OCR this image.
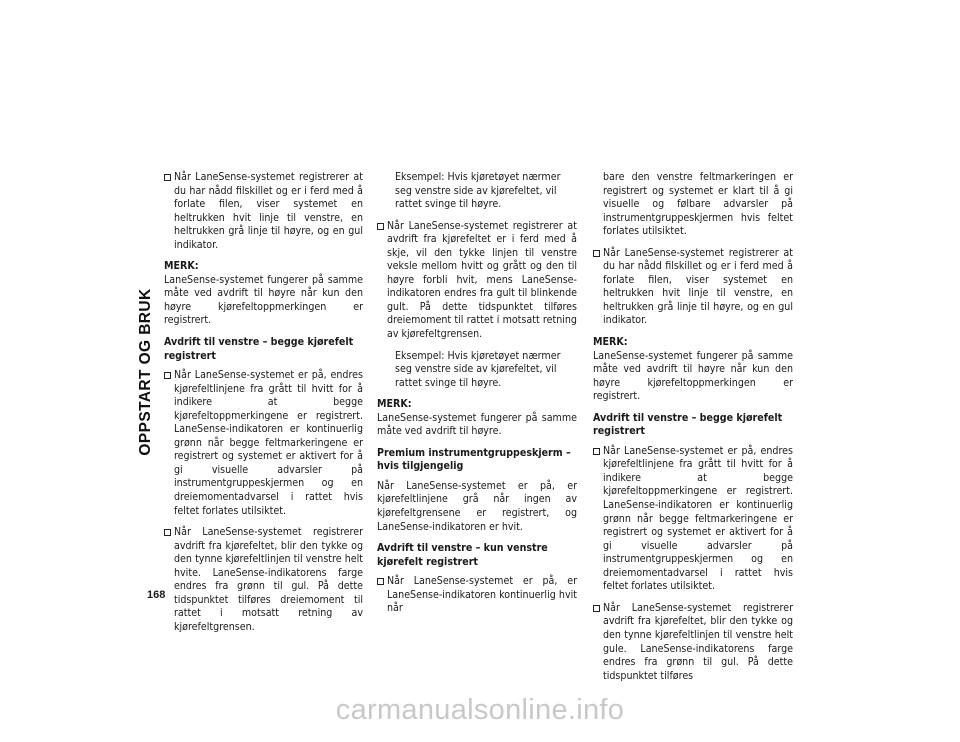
OPPSTART OG BRUK
168
Når LaneSense-systemet registrerer at du har nådd filskillet og er i ferd med å forlate filen, viser systemet en heltrukken hvit linje til venstre, en heltrukken grå linje til høyre, og en gul indikator.
MERK:
LaneSense-systemet fungerer på samme måte ved avdrift til høyre når kun den høyre kjørefeltoppmerkingen er registrert.
Avdrift til venstre – begge kjørefelt registrert
Når LaneSense-systemet er på, endres kjørefeltlinjene fra grått til hvitt for å indikere at begge kjørefeltoppmerkingene er registrert. LaneSense-indikatoren er kontinuerlig grønn når begge feltmarkeringene er registrert og systemet er aktivert for å gi visuelle advarsler på instrumentgruppeskjermen og en dreiemomentadvarsel i rattet hvis feltet forlates utilsiktet.
Når LaneSense-systemet registrerer avdrift fra kjørefeltet, blir den tykke og den tynne kjørefeltlinjen til venstre helt hvite. LaneSense-indikatorens farge endres fra grønn til gul. På dette tidspunktet tilføres dreiemoment til rattet i motsatt retning av kjørefeltgrensen.
Eksempel: Hvis kjøretøyet nærmer seg venstre side av kjørefeltet, vil rattet svinge til høyre.
Når LaneSense-systemet registrerer at avdrift fra kjørefeltet er i ferd med å skje, vil den tykke linjen til venstre veksle mellom hvitt og grått og den til høyre forbli hvit, mens LaneSense-indikatoren endres fra gult til blinkende gult. På dette tidspunktet tilføres dreiemoment til rattet i motsatt retning av kjørefeltgrensen.
Eksempel: Hvis kjøretøyet nærmer seg venstre side av kjørefeltet, vil rattet svinge til høyre.
MERK:
LaneSense-systemet fungerer på samme måte ved avdrift til høyre.
Premium instrumentgruppeskjerm – hvis tilgjengelig
Når LaneSense-systemet er på, er kjørefeltlinjene grå når ingen av kjørefeltgrensene er registrert, og LaneSense-indikatoren er hvit.
Avdrift til venstre – kun venstre kjørefelt registrert
Når LaneSense-systemet er på, er LaneSense-indikatoren kontinuerlig hvit når
bare den venstre feltmarkeringen er registrert og systemet er klart til å gi visuelle og følbare advarsler på instrumentgruppeskjermen hvis feltet forlates utilsiktet.
Når LaneSense-systemet registrerer at du har nådd filskillet og er i ferd med å forlate filen, viser systemet en heltrukken hvit linje til venstre, en heltrukken grå linje til høyre, og en gul indikator.
MERK:
LaneSense-systemet fungerer på samme måte ved avdrift til høyre når kun den høyre kjørefeltoppmerkingen er registrert.
Avdrift til venstre – begge kjørefelt registrert
Når LaneSense-systemet er på, endres kjørefeltlinjene fra grått til hvitt for å indikere at begge kjørefeltoppmerkingene er registrert. LaneSense-indikatoren er kontinuerlig grønn når begge feltmarkeringene er registrert og systemet er aktivert for å gi visuelle advarsler på instrumentgruppeskjermen og en dreiemomentadvarsel i rattet hvis feltet forlates utilsiktet.
Når LaneSense-systemet registrerer avdrift fra kjørefeltet, blir den tykke og den tynne kjørefeltlinjen til venstre helt gule. LaneSense-indikatorens farge endres fra grønn til gul. På dette tidspunktet tilføres
carmanualsonline.info
